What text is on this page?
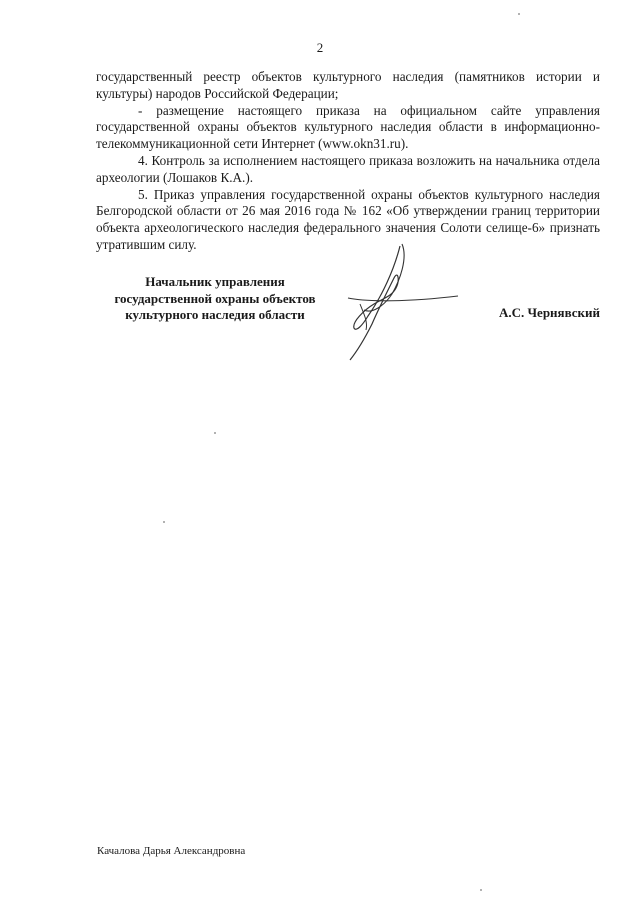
2

государственный реестр объектов культурного наследия (памятников истории и культуры) народов Российской Федерации;

- размещение настоящего приказа на официальном сайте управления государственной охраны объектов культурного наследия области в информационно-телекоммуникационной сети Интернет (www.okn31.ru).

4. Контроль за исполнением настоящего приказа возложить на начальника отдела археологии (Лошаков К.А.).

5. Приказ управления государственной охраны объектов культурного наследия Белгородской области от 26 мая 2016 года № 162 «Об утверждении границ территории объекта археологического наследия федерального значения Солоти селище-6» признать утратившим силу.

Начальник управления
государственной охраны объектов
культурного наследия области	А.С. Чернявский
Качалова Дарья Александровна
